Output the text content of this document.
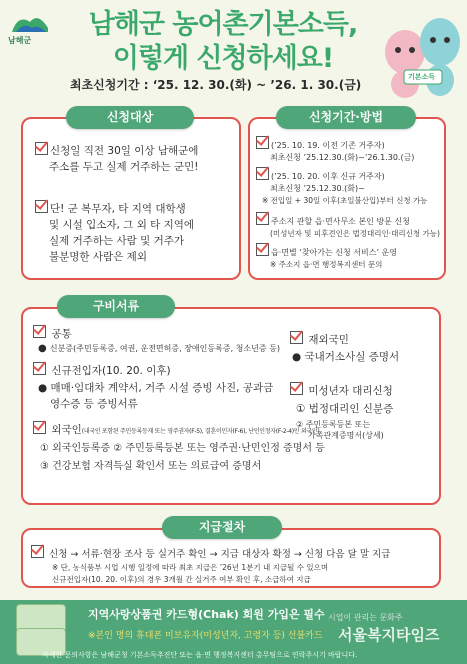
남해군
남해군 농어촌기본소득,
이렇게 신청하세요!
최초신청기간 : ‘25. 12. 30.(화) ~ ’26. 1. 30.(금)
기본소득
신청대상
신청일 직전 30일 이상 남해군에
주소를 두고 실제 거주하는 군민!
단! 군 복무자, 타 지역 대학생
및 시설 입소자, 그 외 타 지역에
실제 거주하는 사람 및 거주가
불분명한 사람은 제외
신청기간·방법
(’25. 10. 19. 이전 기존 거주자)
최초신청 ’25.12.30.(화)~’26.1.30.(금)
(’25. 10. 20. 이후 신규 거주자)
최초신청 ’25.12.30.(화)~
※ 전입일 + 30일 이후(초일불산입)부터 신청 가능
주소지 관할 읍·면사무소 본인 방문 신청
(미성년자 및 피후견인은 법정대리인·대리신청 가능)
읍·면별 ‘찾아가는 신청 서비스’ 운영
※ 주소지 읍·면 행정복지센터 문의
구비서류
공통
● 신분증(주민등록증, 여권, 운전면허증, 장애인등록증, 청소년증 등)
신규전입자(10. 20. 이후)
● 매매·임대차 계약서, 거주 시설 증빙 사진, 공과금
영수증 등 증빙서류
외국인(내국인 포함된 주민등록등재 또는 영주권자(F-5), 결혼이민자(F-6), 난민인정자(F-2-4)인 외국인)
① 외국인등록증 ② 주민등록등본 또는 영주권·난민인정 증명서 등
③ 건강보험 자격득실 확인서 또는 의료급여 증명서
재외국민
● 국내거소사실 증명서
미성년자 대리신청
① 법정대리인 신분증
② 주민등록등본 또는
가족관계증명서(상세)
지급절차
신청 → 서류·현장 조사 등 실거주 확인 → 지급 대상자 확정 → 신청 다음 달 말 지급
※ 단, 농식품부 시업 시행 일정에 따라 최초 지급은 ’26년 1분기 내 지급될 수 있으며
신규전입자(10. 20. 이후)의 경우 3개월 간 실거주 여부 확인 후, 소급하여 지급
지역사랑상품권 카드형(Chak) 회원 가입은 필수
※본인 명의 휴대폰 미보유자(미성년자, 고령자 등) 선불카드
자세한 문의사항은 남해군청 기본소득추진단 또는 읍·면 행정복지센터 총무팀으로 연락주시기 바랍니다.
시업이 관리는 문화주
서울복지타임즈
